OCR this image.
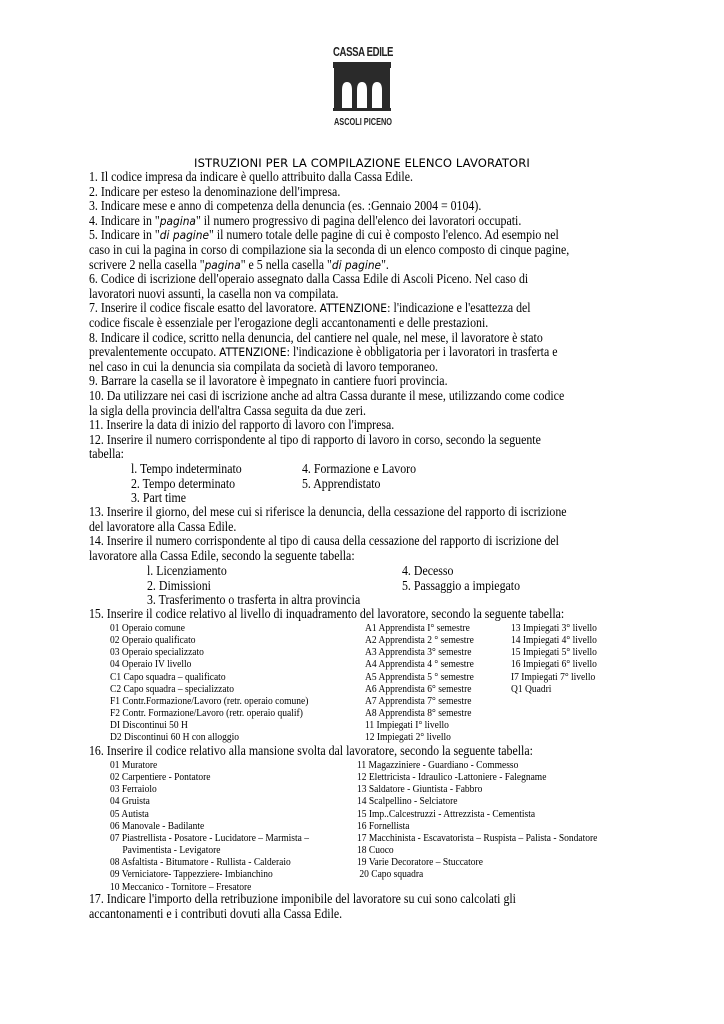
CASSA EDILE
ASCOLI PICENO
ISTRUZIONI PER LA COMPILAZIONE ELENCO LAVORATORI

1. Il codice impresa da indicare è quello attribuito dalla Cassa Edile.

2. Indicare per esteso la denominazione dell'impresa.

3. Indicare mese e anno di competenza della denuncia (es. :Gennaio 2004 = 0104).

4. Indicare in "pagina" il numero progressivo di pagina dell'elenco dei lavoratori occupati.

5. Indicare in "di pagine" il numero totale delle pagine di cui è composto l'elenco. Ad esempio nel

caso in cui la pagina in corso di compilazione sia la seconda di un elenco composto di cinque pagine,

scrivere 2 nella casella "pagina" e 5 nella casella "di pagine".

6. Codice di iscrizione dell'operaio assegnato dalla Cassa Edile di Ascoli Piceno. Nel caso di

lavoratori nuovi assunti, la casella non va compilata.

7. Inserire il codice fiscale esatto del lavoratore. ATTENZIONE: l'indicazione e l'esattezza del

codice fiscale è essenziale per l'erogazione degli accantonamenti e delle prestazioni.

8. Indicare il codice, scritto nella denuncia, del cantiere nel quale, nel mese, il lavoratore è stato

prevalentemente occupato. ATTENZIONE: l'indicazione è obbligatoria per i lavoratori in trasferta e

nel caso in cui la denuncia sia compilata da società di lavoro temporaneo.

9. Barrare la casella se il lavoratore è impegnato in cantiere fuori provincia.

10. Da utilizzare nei casi di iscrizione anche ad altra Cassa durante il mese, utilizzando come codice

la sigla della provincia dell'altra Cassa seguita da due zeri.

11. Inserire la data di inizio del rapporto di lavoro con l'impresa.

12. Inserire il numero corrispondente al tipo di rapporto di lavoro in corso, secondo la seguente

tabella:

l. Tempo indeterminato
2. Tempo determinato
3. Part time
4. Formazione e Lavoro
5. Apprendistato
13. Inserire il giorno, del mese cui si riferisce la denuncia, della cessazione del rapporto di iscrizione
del lavoratore alla Cassa Edile.
14. Inserire il numero corrispondente al tipo di causa della cessazione del rapporto di iscrizione del
lavoratore alla Cassa Edile, secondo la seguente tabella:
l. Licenziamento
2. Dimissioni
3. Trasferimento o trasferta in altra provincia
4. Decesso
5. Passaggio a impiegato
15. Inserire il codice relativo al livello di inquadramento del lavoratore, secondo la seguente tabella:
01 Operaio comune
02 Operaio qualificato
03 Operaio specializzato
04 Operaio IV livello
C1 Capo squadra – qualificato
C2 Capo squadra – specializzato
F1 Contr.Formazione/Lavoro (retr. operaio comune)
F2 Contr. Formazione/Lavoro (retr. operaio qualif)
DI Discontinui 50 H
D2 Discontinui 60 H con alloggio
A1 Apprendista I° semestre
A2 Apprendista 2 ° semestre
A3 Apprendista 3° semestre
A4 Apprendista 4 ° semestre
A5 Apprendista 5 ° semestre
A6 Apprendista 6° semestre
A7 Apprendista 7° semestre
A8 Apprendista 8° semestre
11 Impiegati I° livello
12 Impiegati 2° livello
13 Impiegati 3° livello
14 Impiegati 4° livello
15 Impiegati 5° livello
16 Impiegati 6° livello
I7 Impiegati 7° livello
Q1 Quadri
16. Inserire il codice relativo alla mansione svolta dal lavoratore, secondo la seguente tabella:
01 Muratore
02 Carpentiere - Pontatore
03 Ferraiolo
04 Gruista
05 Autista
06 Manovale - Badilante
07 Piastrellista - Posatore - Lucidatore – Marmista –
Pavimentista - Levigatore
08 Asfaltista - Bitumatore - Rullista - Calderaio
09 Verniciatore- Tappezziere- Imbianchino
10 Meccanico - Tornitore – Fresatore
11 Magazziniere - Guardiano - Commesso
12 Elettricista - Idraulico -Lattoniere - Falegname
13 Saldatore - Giuntista - Fabbro
14 Scalpellino - Selciatore
15 Imp..Calcestruzzi - Attrezzista - Cementista
16 Fornellista
17 Macchinista - Escavatorista – Ruspista – Palista - Sondatore
18 Cuoco
19 Varie Decoratore – Stuccatore
20 Capo squadra
17. Indicare l'importo della retribuzione imponibile del lavoratore su cui sono calcolati gli
accantonamenti e i contributi dovuti alla Cassa Edile.
